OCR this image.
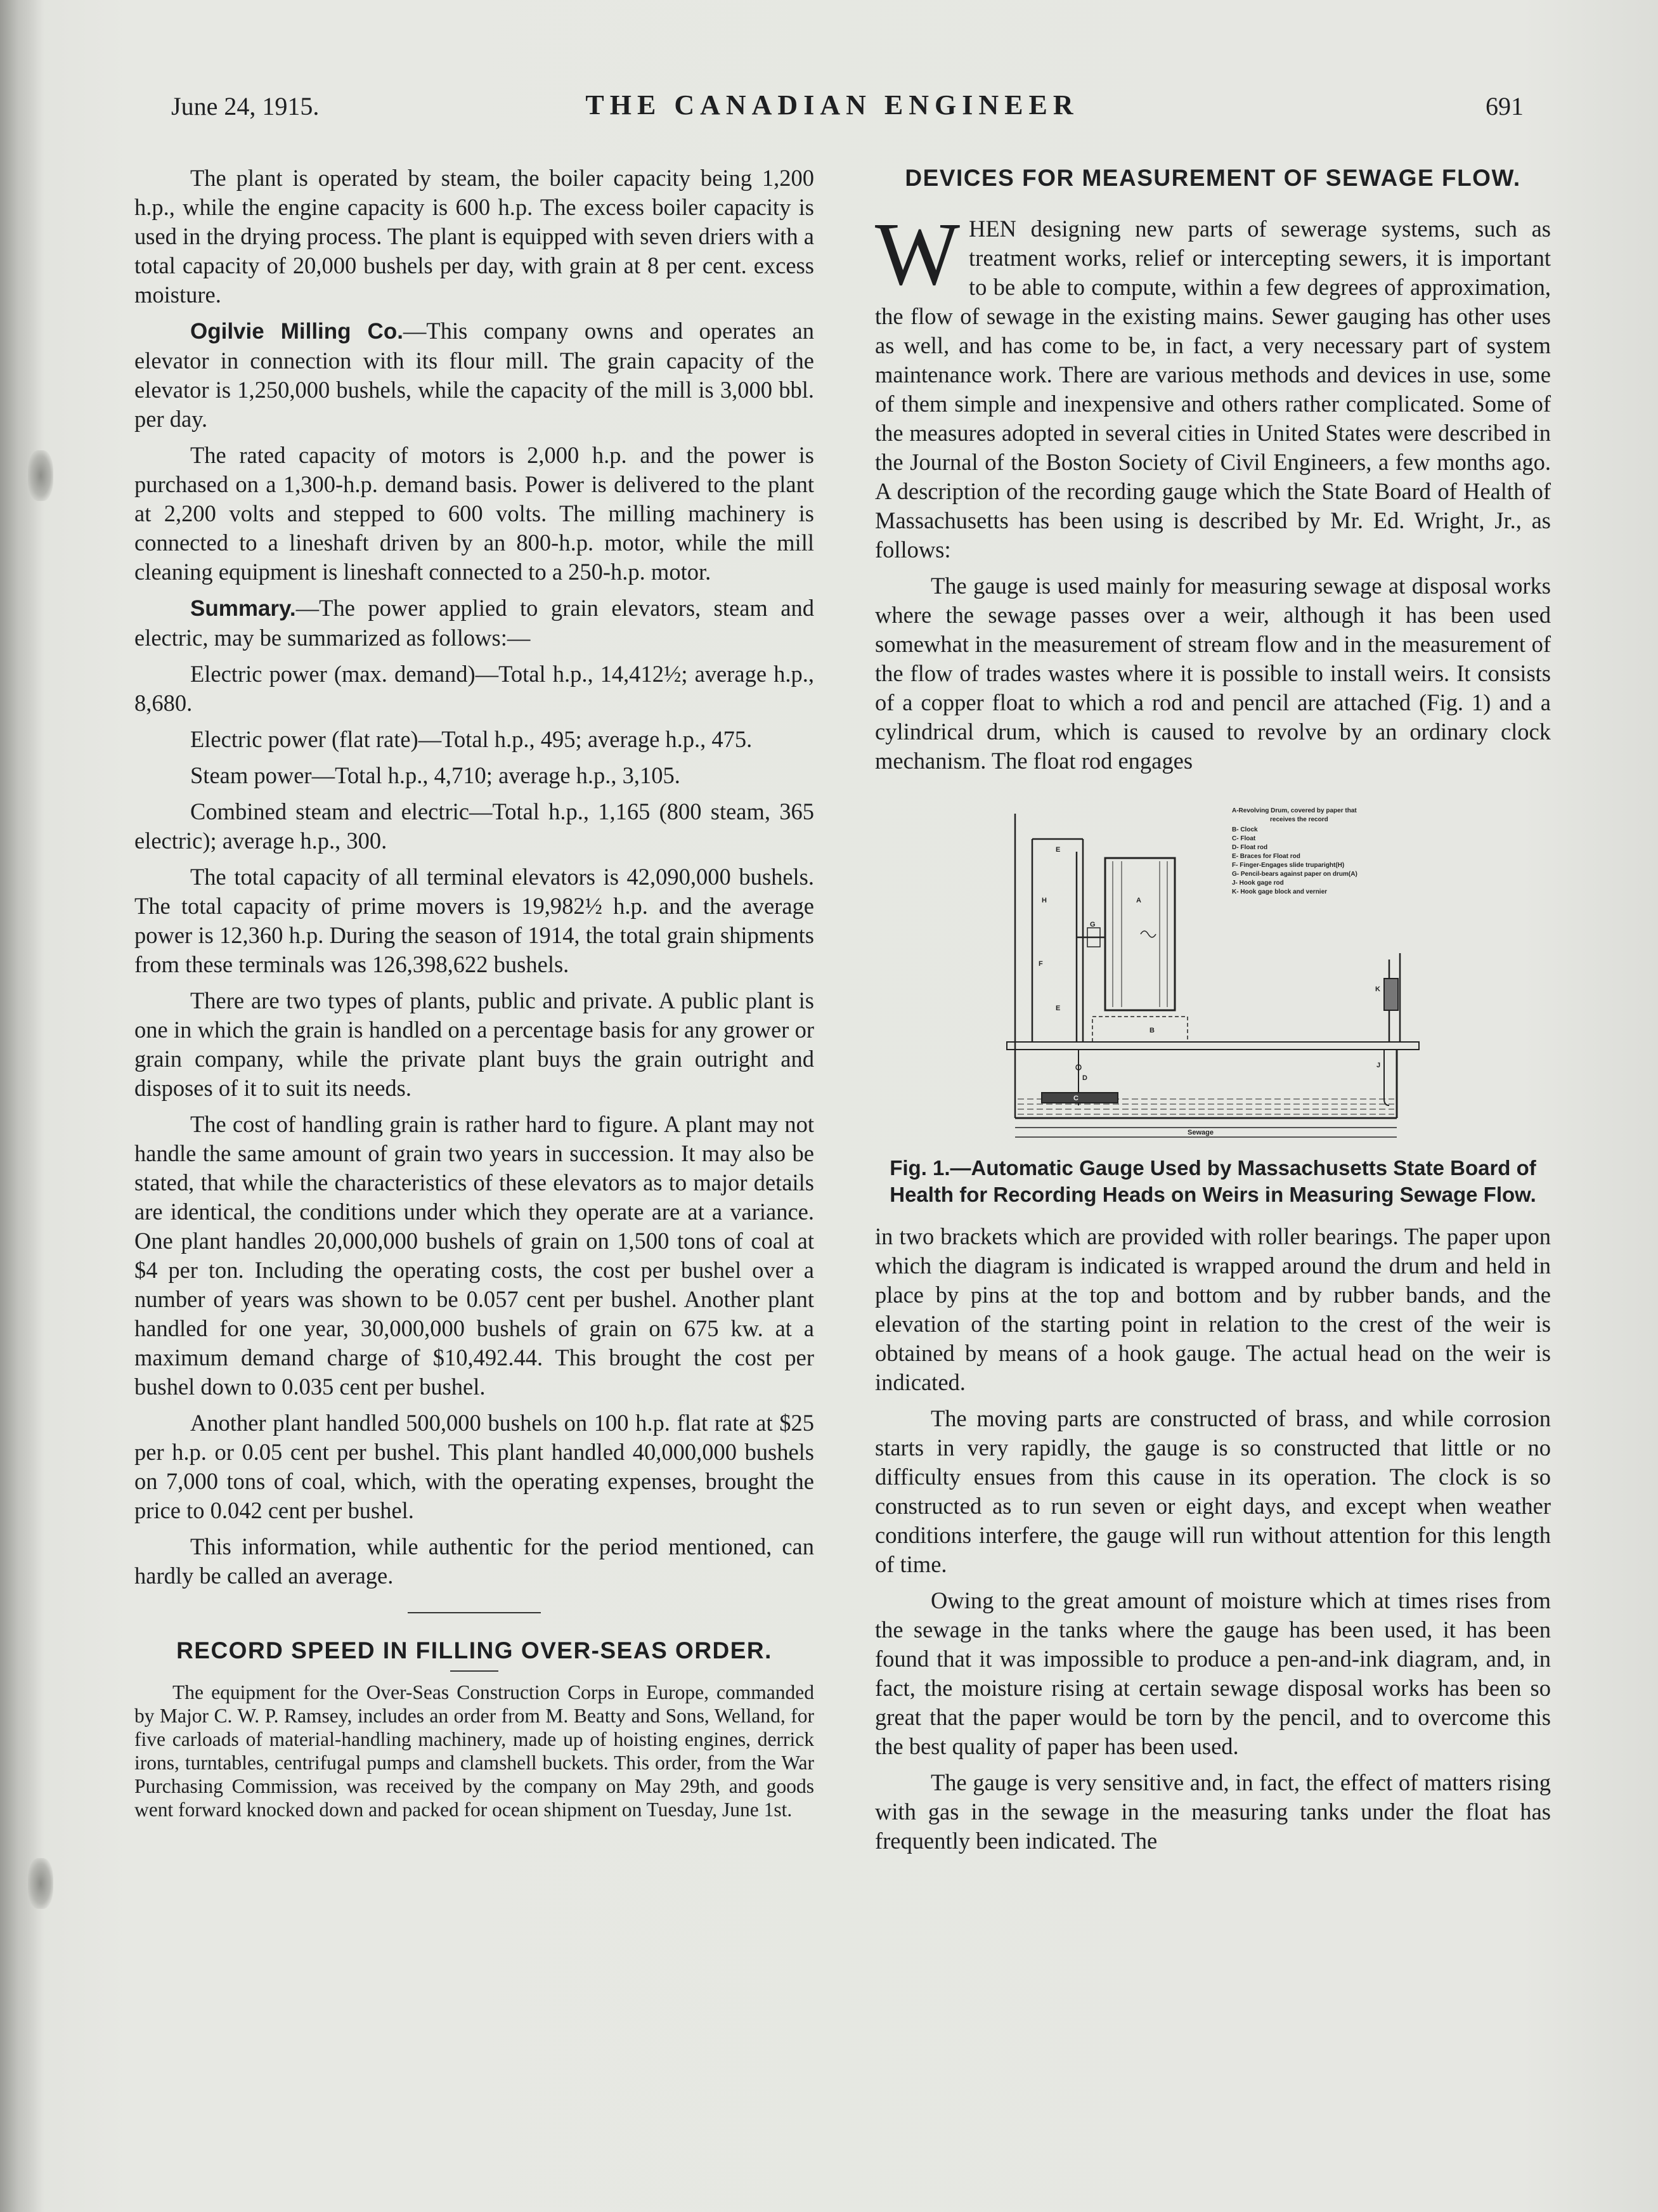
June 24, 1915.	THE CANADIAN ENGINEER	691

The plant is operated by steam, the boiler capacity being 1,200 h.p., while the engine capacity is 600 h.p. The excess boiler capacity is used in the drying process. The plant is equipped with seven driers with a total capacity of 20,000 bushels per day, with grain at 8 per cent. excess moisture.

Ogilvie Milling Co.—This company owns and operates an elevator in connection with its flour mill. The grain capacity of the elevator is 1,250,000 bushels, while the capacity of the mill is 3,000 bbl. per day.

The rated capacity of motors is 2,000 h.p. and the power is purchased on a 1,300-h.p. demand basis. Power is delivered to the plant at 2,200 volts and stepped to 600 volts. The milling machinery is connected to a lineshaft driven by an 800-h.p. motor, while the mill cleaning equipment is lineshaft connected to a 250-h.p. motor.

Summary.—The power applied to grain elevators, steam and electric, may be summarized as follows:—

Electric power (max. demand)—Total h.p., 14,412½; average h.p., 8,680.

Electric power (flat rate)—Total h.p., 495; average h.p., 475.

Steam power—Total h.p., 4,710; average h.p., 3,105.

Combined steam and electric—Total h.p., 1,165 (800 steam, 365 electric); average h.p., 300.

The total capacity of all terminal elevators is 42,090,000 bushels. The total capacity of prime movers is 19,982½ h.p. and the average power is 12,360 h.p. During the season of 1914, the total grain shipments from these terminals was 126,398,622 bushels.

There are two types of plants, public and private. A public plant is one in which the grain is handled on a percentage basis for any grower or grain company, while the private plant buys the grain outright and disposes of it to suit its needs.

The cost of handling grain is rather hard to figure. A plant may not handle the same amount of grain two years in succession. It may also be stated, that while the characteristics of these elevators as to major details are identical, the conditions under which they operate are at a variance. One plant handles 20,000,000 bushels of grain on 1,500 tons of coal at $4 per ton. Including the operating costs, the cost per bushel over a number of years was shown to be 0.057 cent per bushel. Another plant handled for one year, 30,000,000 bushels of grain on 675 kw. at a maximum demand charge of $10,492.44. This brought the cost per bushel down to 0.035 cent per bushel.

Another plant handled 500,000 bushels on 100 h.p. flat rate at $25 per h.p. or 0.05 cent per bushel. This plant handled 40,000,000 bushels on 7,000 tons of coal, which, with the operating expenses, brought the price to 0.042 cent per bushel.

This information, while authentic for the period mentioned, can hardly be called an average.

RECORD SPEED IN FILLING OVER-SEAS ORDER.

The equipment for the Over-Seas Construction Corps in Europe, commanded by Major C. W. P. Ramsey, includes an order from M. Beatty and Sons, Welland, for five carloads of material-handling machinery, made up of hoisting engines, derrick irons, turntables, centrifugal pumps and clamshell buckets. This order, from the War Purchasing Commission, was received by the company on May 29th, and goods went forward knocked down and packed for ocean shipment on Tuesday, June 1st.

DEVICES FOR MEASUREMENT OF SEWAGE FLOW.

WHEN designing new parts of sewerage systems, such as treatment works, relief or intercepting sewers, it is important to be able to compute, within a few degrees of approximation, the flow of sewage in the existing mains. Sewer gauging has other uses as well, and has come to be, in fact, a very necessary part of system maintenance work. There are various methods and devices in use, some of them simple and inexpensive and others rather complicated. Some of the measures adopted in several cities in United States were described in the Journal of the Boston Society of Civil Engineers, a few months ago. A description of the recording gauge which the State Board of Health of Massachusetts has been using is described by Mr. Ed. Wright, Jr., as follows:

The gauge is used mainly for measuring sewage at disposal works where the sewage passes over a weir, although it has been used somewhat in the measurement of stream flow and in the measurement of the flow of trades wastes where it is possible to install weirs. It consists of a copper float to which a rod and pencil are attached (Fig. 1) and a cylindrical drum, which is caused to revolve by an ordinary clock mechanism. The float rod engages

A-Revolving Drum, covered by paper that
receives the record
B- Clock
C- Float
D- Float rod
E- Braces for Float rod
F- Finger-Engages slide truparight(H)
G- Pencil-bears against paper on drum(A)
J- Hook gage rod
K- Hook gage block and vernier
E
H
F
E
A
G
D
C
J
K
B
Sewage
Fig. 1.—Automatic Gauge Used by Massachusetts State Board of Health for Recording Heads on Weirs in Measuring Sewage Flow.

in two brackets which are provided with roller bearings. The paper upon which the diagram is indicated is wrapped around the drum and held in place by pins at the top and bottom and by rubber bands, and the elevation of the starting point in relation to the crest of the weir is obtained by means of a hook gauge. The actual head on the weir is indicated.

The moving parts are constructed of brass, and while corrosion starts in very rapidly, the gauge is so constructed that little or no difficulty ensues from this cause in its operation. The clock is so constructed as to run seven or eight days, and except when weather conditions interfere, the gauge will run without attention for this length of time.

Owing to the great amount of moisture which at times rises from the sewage in the tanks where the gauge has been used, it has been found that it was impossible to produce a pen-and-ink diagram, and, in fact, the moisture rising at certain sewage disposal works has been so great that the paper would be torn by the pencil, and to overcome this the best quality of paper has been used.

The gauge is very sensitive and, in fact, the effect of matters rising with gas in the sewage in the measuring tanks under the float has frequently been indicated. The
